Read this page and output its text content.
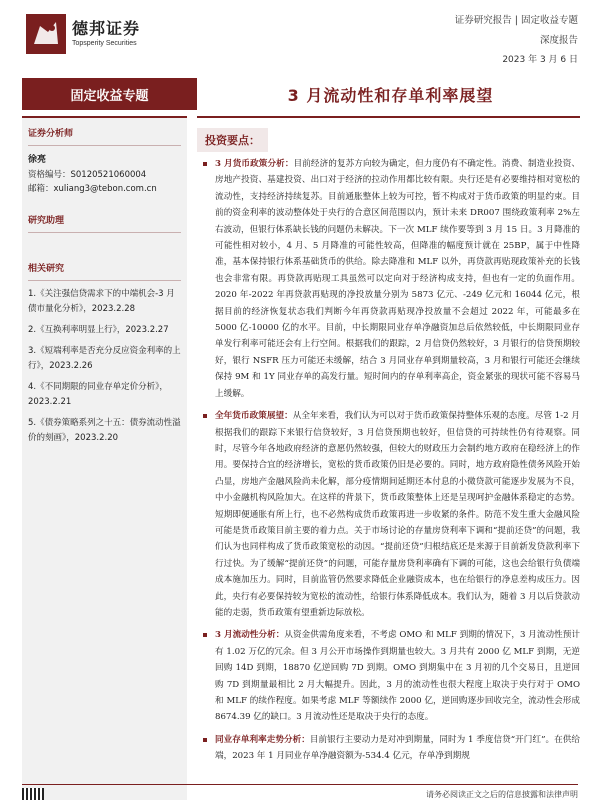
德邦证券
Topsperity Securities
证券研究报告 | 固定收益专题
深度报告
2023 年 3 月 6 日
固定收益专题	3 月流动性和存单利率展望
证券分析师
徐亮
资格编号：S0120521060004
邮箱：xuliang3@tebon.com.cn
研究助理
相关研究
1.《关注强信贷需求下的中端机会-3 月债市量化分析》，2023.2.28
2.《互换利率明显上行》，2023.2.27
3.《短端利率是否充分反应资金利率的上行》，2023.2.26
4.《不同期限的同业存单定价分析》，2023.2.21
5.《债券策略系列之十五：债券流动性溢价的刻画》，2023.2.20
投资要点：
3 月货币政策分析：目前经济的复苏方向较为确定，但力度仍有不确定性。消费、制造业投资、房地产投资、基建投资、出口对于经济的拉动作用都比较有限。央行还是有必要维持相对宽松的流动性，支持经济持续复苏。目前通胀整体上较为可控，暂不构成对于货币政策的明显约束。目前的资金利率的波动整体处于央行的合意区间范围以内，预计未来 DR007 围绕政策利率 2%左右波动，但银行体系缺长钱的问题仍未解决。下一次 MLF 续作要等到 3 月 15 日。3 月降准的可能性相对较小，4 月、5 月降准的可能性较高，但降准的幅度预计就在 25BP，属于中性降准，基本保持银行体系基础货币的供给。除去降准和 MLF 以外，再贷款再贴现政策补充的长钱也会非常有限。再贷款再贴现工具虽然可以定向对于经济构成支持，但也有一定的负面作用。2020 年-2022 年再贷款再贴现的净投放量分别为 5873 亿元、-249 亿元和 16044 亿元，根据目前的经济恢复状态我们判断今年再贷款再贴现净投放量不会超过 2022 年，可能最多在 5000 亿-10000 亿的水平。目前，中长期限同业存单净融资加总后依然较低，中长期限同业存单发行利率可能还会有上行空间。根据我们的跟踪，2 月信贷仍然较好，3 月银行的信贷预期较好，银行 NSFR 压力可能还未缓解，结合 3 月同业存单到期量较高，3 月和银行可能还会继续保持 9M 和 1Y 同业存单的高发行量。短时间内的存单利率高企，资金紧张的现状可能不容易马上缓解。
全年货币政策展望：从全年来看，我们认为可以对于货币政策保持整体乐观的态度。尽管 1-2 月根据我们的跟踪下来银行信贷较好，3 月信贷预期也较好，但信贷的可持续性仍有待观察。同时，尽管今年各地政府经济的意愿仍然较强，但较大的财政压力会制约地方政府在稳经济上的作用。要保持合宜的经济增长，宽松的货币政策仍旧是必要的。同时，地方政府隐性债务风险开始凸显，房地产金融风险尚未化解，部分疫情期间延期还本付息的小微贷款可能逐步发展为不良，中小金融机构风险加大。在这样的背景下，货币政策整体上还是呈现呵护金融体系稳定的态势。短期即便通胀有所上行，也不必然构成货币政策再进一步收紧的条件。防范不发生重大金融风险可能是货币政策目前主要的着力点。关于市场讨论的存量房贷利率下调和“提前还贷”的问题，我们认为也同样构成了货币政策宽松的动因。“提前还贷”归根结底还是来源于目前新发贷款利率下行过快。为了缓解“提前还贷”的问题，可能存量房贷利率确有下调的可能，这也会给银行负债端成本施加压力。同时，目前监管仍然要求降低企业融资成本，也在给银行的净息差构成压力。因此，央行有必要保持较为宽松的流动性，给银行体系降低成本。我们认为，随着 3 月以后贷款动能的走弱，货币政策有望重新边际放松。
3 月流动性分析：从资金供需角度来看，不考虑 OMO 和 MLF 到期的情况下，3 月流动性预计有 1.02 万亿的冗余。但 3 月公开市场操作到期量也较大。3 月共有 2000 亿 MLF 到期，无逆回购 14D 到期，18870 亿逆回购 7D 到期。OMO 到期集中在 3 月初的几个交易日，且逆回购 7D 到期量最相比 2 月大幅提升。因此，3 月的流动性也很大程度上取决于央行对于 OMO 和 MLF 的续作程度。如果考虑 MLF 等额续作 2000 亿，逆回购逐步回收完全，流动性会形成 8674.39 亿的缺口。3 月流动性还是取决于央行的态度。
同业存单利率走势分析：目前银行主要动力是对冲到期量，同时为 1 季度信贷“开门红”。在供给端，2023 年 1 月同业存单净融资额为-534.4 亿元，存单净到期规
请务必阅读正文之后的信息披露和法律声明
